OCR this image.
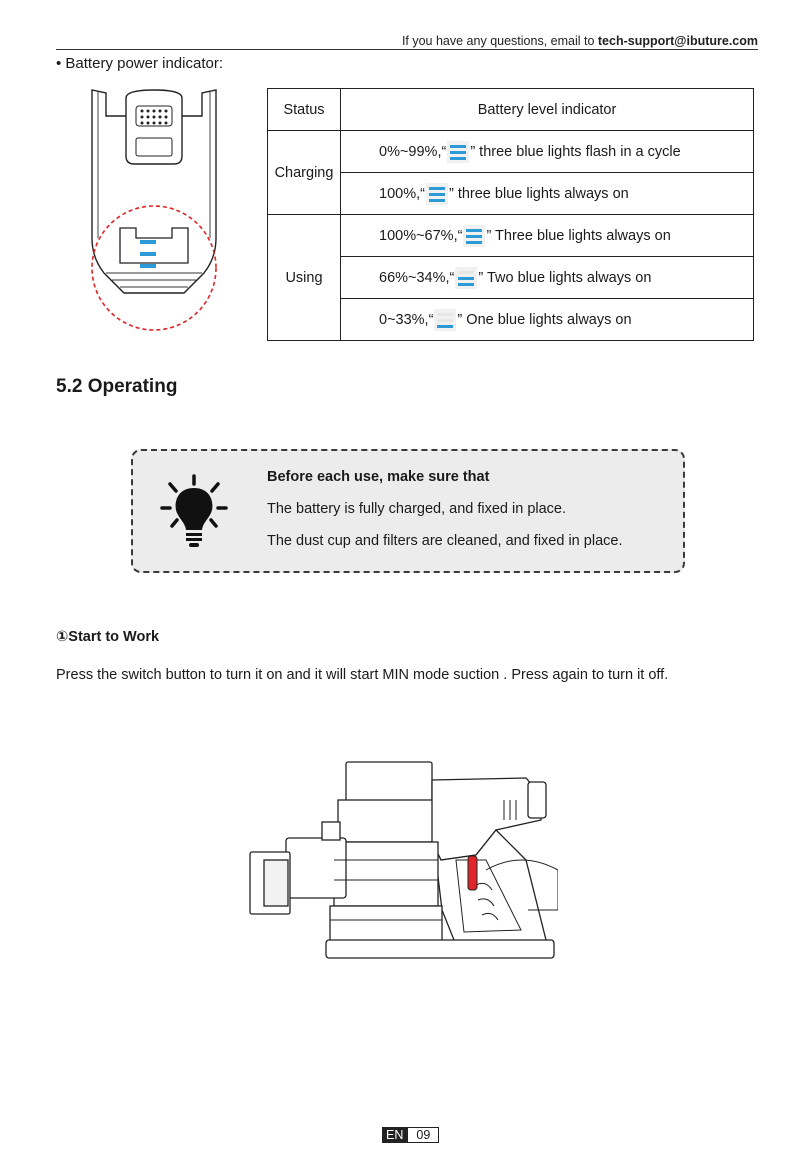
If you have any questions, email to tech-support@ibuture.com
• Battery power indicator:
Status	Battery level indicator
Charging	0%~99%,“ ” three blue lights flash in a cycle
	100%,“ ” three blue lights always on
Using	100%~67%,“ ” Three blue lights always on
	66%~34%,“ ” Two blue lights always on
	0~33%,“ ” One blue lights always on
5.2 Operating
Before each use, make sure that
The battery is fully charged, and fixed in place.
The dust cup and filters are cleaned, and fixed in place.
①Start to Work
Press the switch button to turn it on and it will start MIN mode suction . Press again to turn it off.
EN	09
